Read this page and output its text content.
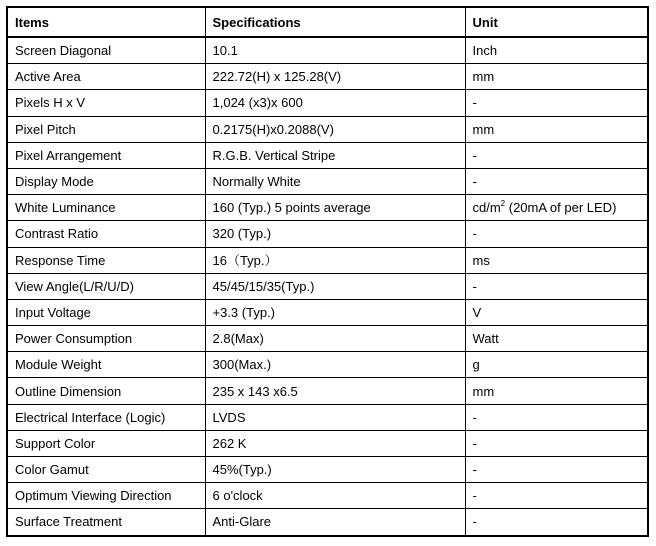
Items	Specifications	Unit
Screen Diagonal	10.1	Inch
Active Area	222.72(H) x 125.28(V)	mm
Pixels H x V	1,024 (x3)x 600	-
Pixel Pitch	0.2175(H)x0.2088(V)	mm
Pixel Arrangement	R.G.B. Vertical Stripe	-
Display Mode	Normally White	-
White Luminance	160 (Typ.) 5 points average	$cd/m^2$ (20mA of per LED)
Contrast Ratio	320 (Typ.)	-
Response Time	16（Typ.）	ms
View Angle(L/R/U/D)	45/45/15/35(Typ.)	-
Input Voltage	+3.3 (Typ.)	V
Power Consumption	2.8(Max)	Watt
Module Weight	300(Max.)	g
Outline Dimension	235 x 143 x6.5	mm
Electrical Interface (Logic)	LVDS	-
Support Color	262 K	-
Color Gamut	45%(Typ.)	-
Optimum Viewing Direction	6 o'clock	-
Surface Treatment	Anti-Glare	-
